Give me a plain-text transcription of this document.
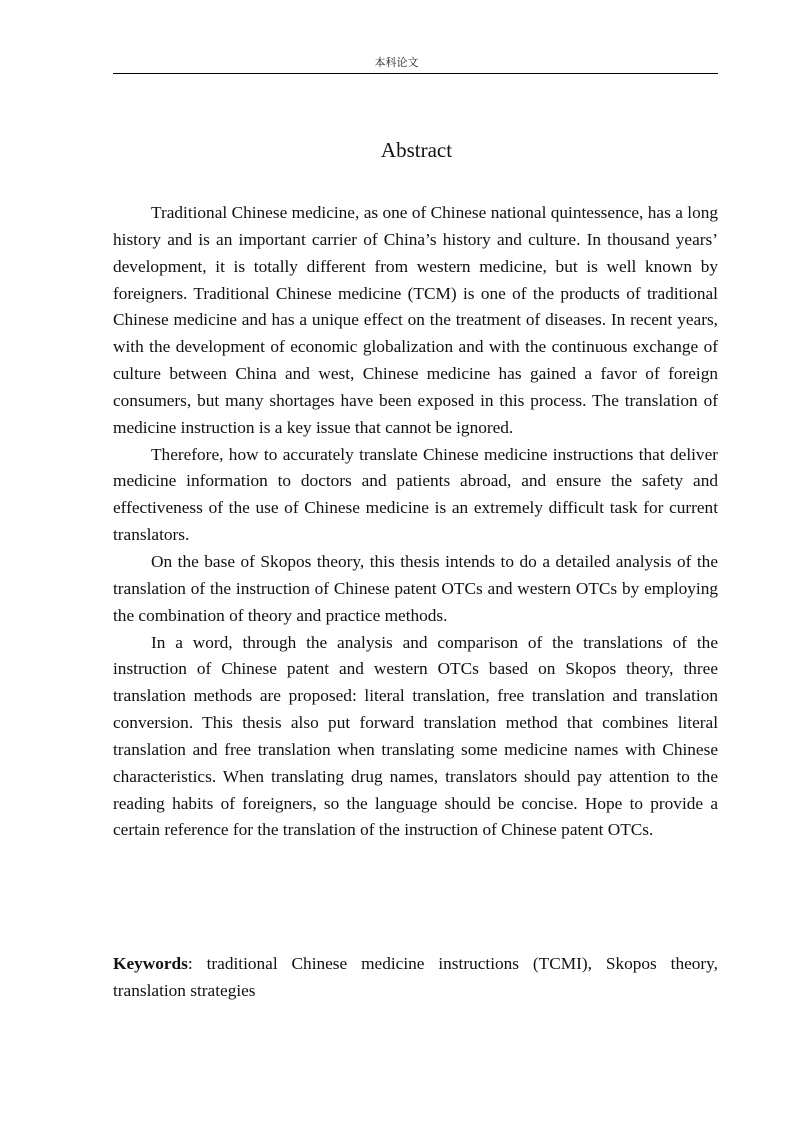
本科论文
Abstract

Traditional Chinese medicine, as one of Chinese national quintessence, has a long history and is an important carrier of China’s history and culture. In thousand years’ development, it is totally different from western medicine, but is well known by foreigners. Traditional Chinese medicine (TCM) is one of the products of traditional Chinese medicine and has a unique effect on the treatment of diseases. In recent years, with the development of economic globalization and with the continuous exchange of culture between China and west, Chinese medicine has gained a favor of foreign consumers, but many shortages have been exposed in this process. The translation of medicine instruction is a key issue that cannot be ignored.

Therefore, how to accurately translate Chinese medicine instructions that deliver medicine information to doctors and patients abroad, and ensure the safety and effectiveness of the use of Chinese medicine is an extremely difficult task for current translators.

On the base of Skopos theory, this thesis intends to do a detailed analysis of the translation of the instruction of Chinese patent OTCs and western OTCs by employing the combination of theory and practice methods.

In a word, through the analysis and comparison of the translations of the instruction of Chinese patent and western OTCs based on Skopos theory, three translation methods are proposed: literal translation, free translation and translation conversion. This thesis also put forward translation method that combines literal translation and free translation when translating some medicine names with Chinese characteristics. When translating drug names, translators should pay attention to the reading habits of foreigners, so the language should be concise. Hope to provide a certain reference for the translation of the instruction of Chinese patent OTCs.

Keywords: traditional Chinese medicine instructions (TCMI), Skopos theory, translation strategies
